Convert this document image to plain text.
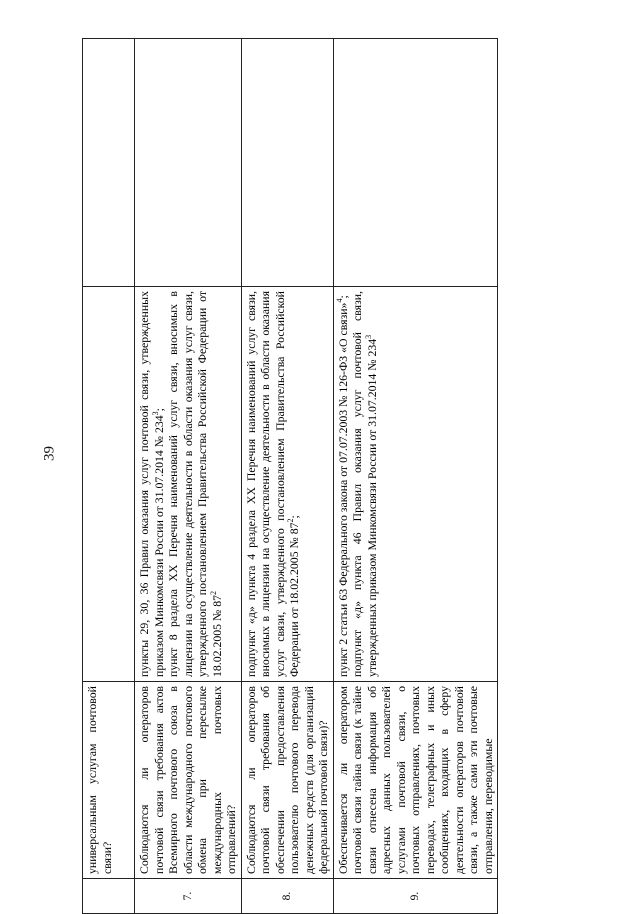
39
	универсальным услугам почтовой связи?		
7.	Соблюдаются ли операторов почтовой связи требования актов Всемирного почтового союза в области международного почтового обмена при пересылке международных почтовых отправлений?	пункты 29, 30, 36 Правил оказания услуг почтовой связи, утвержденных приказом Минкомсвязи России от 31.07.2014 № $234^3$; пункт 8 раздела XX Перечня наименований услуг связи, вносимых в лицензии на осуществление деятельности в области оказания услуг связи, утвержденного постановлением Правительства Российской Федерации от 18.02.2005 № $87^2$

8.	Соблюдаются ли операторов почтовой связи требования об обеспечении предоставления пользователю почтового перевода денежных средств (для организаций федеральной почтовой связи)?	подпункт «д» пункта 4 раздела XX Перечня наименований услуг связи, вносимых в лицензии на осуществление деятельности в области оказания услуг связи, утвержденного постановлением Правительства Российской Федерации от 18.02.2005 № $87^2$;	

9.	Обеспечивается ли оператором почтовой связи тайна связи (к тайне связи отнесена информация об адресных данных пользователей услугами почтовой связи, о почтовых отправлениях, почтовых переводах, телеграфных и иных сообщениях, входящих в сферу деятельности операторов почтовой связи, а также сами эти почтовые отправления, переводимые	пункт 2 статьи 63 Федерального закона от 07.07.2003 № 126-ФЗ «О связи»$^4$; подпункт «д» пункта 46 Правил оказания услуг почтовой связи, утвержденных приказом Минкомсвязи России от 31.07.2014 № $234^3$
